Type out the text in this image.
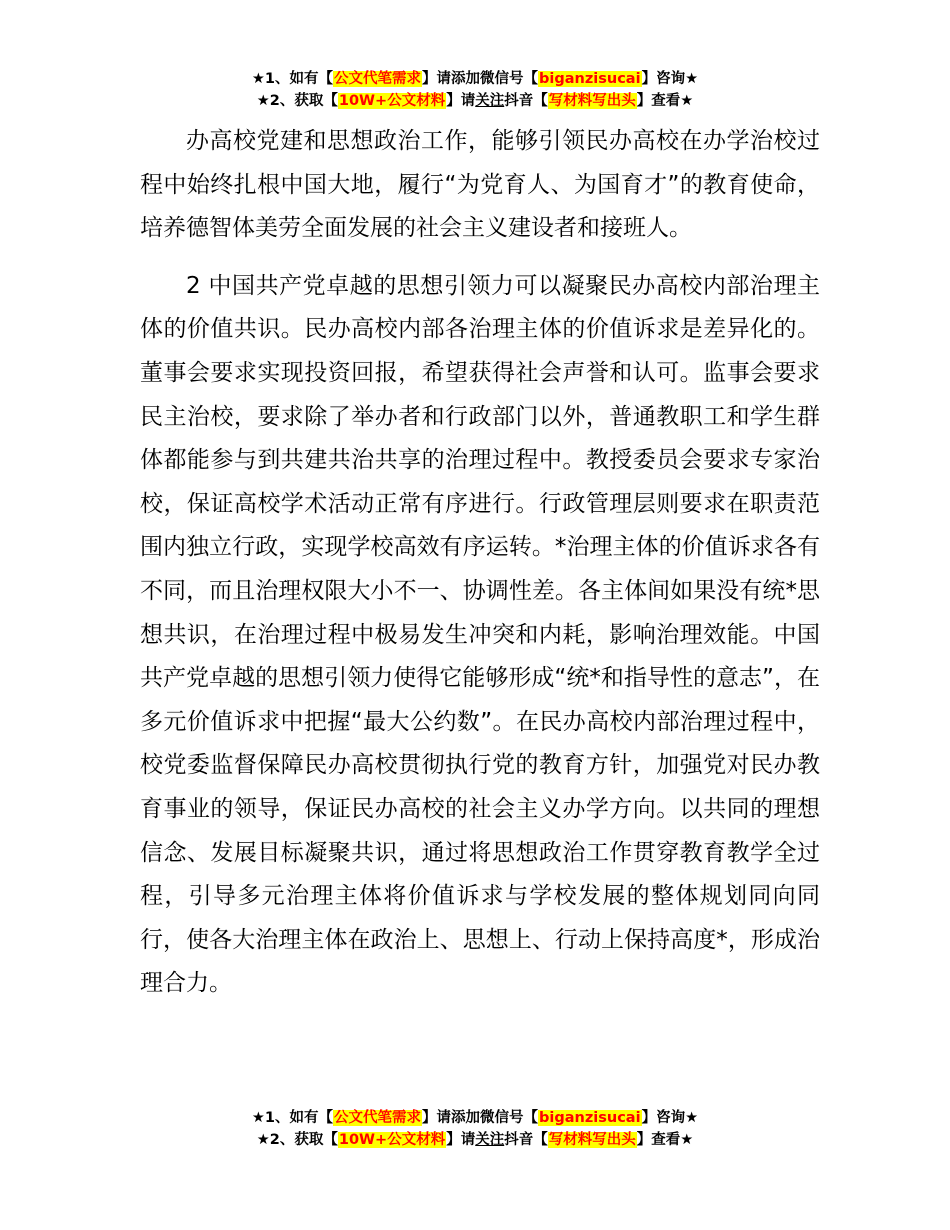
★1、如有【公文代笔需求】请添加微信号【biganzisucai】咨询★
★2、获取【10W+公文材料】请关注抖音【写材料写出头】查看★

办高校党建和思想政治工作，能够引领民办高校在办学治校过程中始终扎根中国大地，履行“为党育人、为国育才”的教育使命，培养德智体美劳全面发展的社会主义建设者和接班人。

2 中国共产党卓越的思想引领力可以凝聚民办高校内部治理主体的价值共识。民办高校内部各治理主体的价值诉求是差异化的。董事会要求实现投资回报，希望获得社会声誉和认可。监事会要求民主治校，要求除了举办者和行政部门以外，普通教职工和学生群体都能参与到共建共治共享的治理过程中。教授委员会要求专家治校，保证高校学术活动正常有序进行。行政管理层则要求在职责范围内独立行政，实现学校高效有序运转。*治理主体的价值诉求各有不同，而且治理权限大小不一、协调性差。各主体间如果没有统*思想共识，在治理过程中极易发生冲突和内耗，影响治理效能。中国共产党卓越的思想引领力使得它能够形成“统*和指导性的意志”，在多元价值诉求中把握“最大公约数”。在民办高校内部治理过程中，校党委监督保障民办高校贯彻执行党的教育方针，加强党对民办教育事业的领导，保证民办高校的社会主义办学方向。以共同的理想信念、发展目标凝聚共识，通过将思想政治工作贯穿教育教学全过程，引导多元治理主体将价值诉求与学校发展的整体规划同向同行，使各大治理主体在政治上、思想上、行动上保持高度*，形成治理合力。

★1、如有【公文代笔需求】请添加微信号【biganzisucai】咨询★
★2、获取【10W+公文材料】请关注抖音【写材料写出头】查看★
